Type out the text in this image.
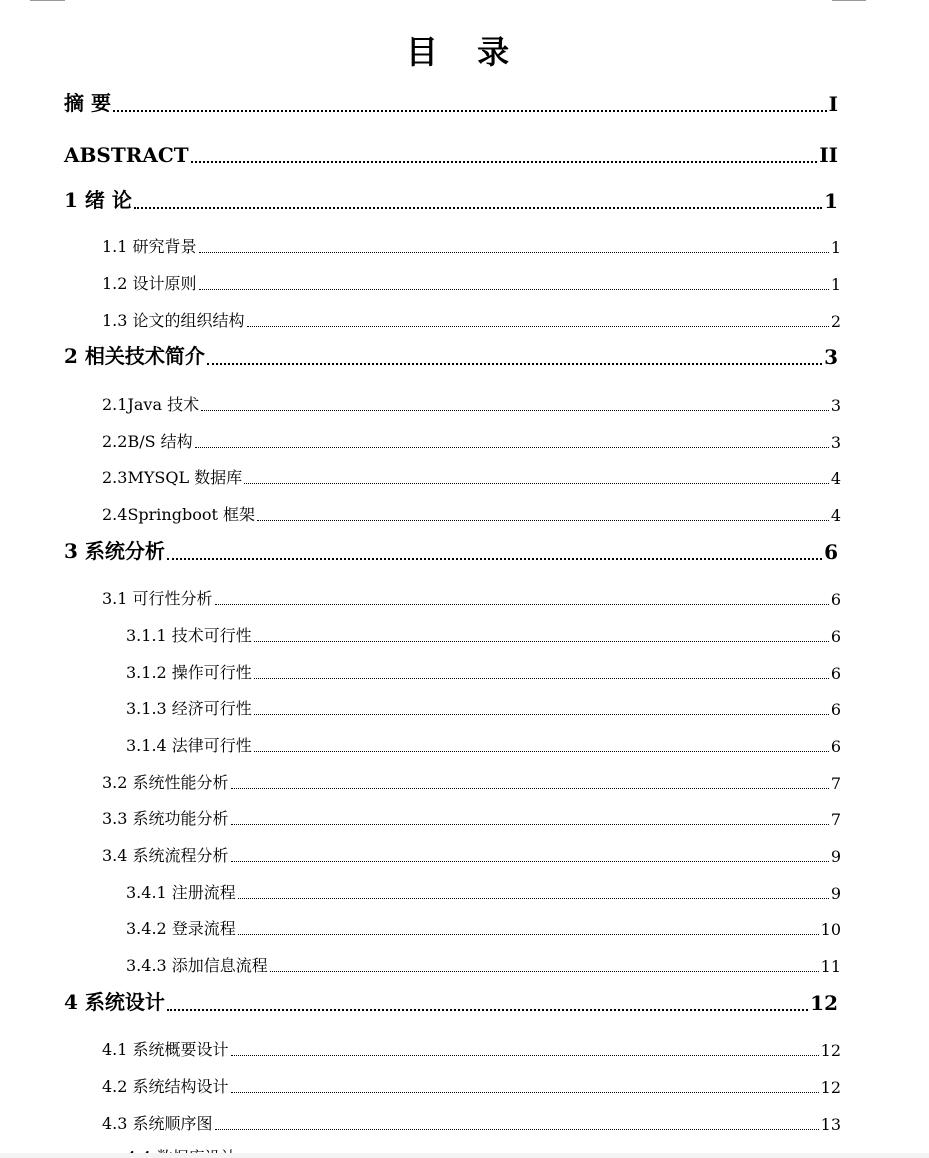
目 录
摘 要	I
ABSTRACT	II
1 绪 论	1
1.1 研究背景	1
1.2 设计原则	1
1.3 论文的组织结构	2
2 相关技术简介	3
2.1Java 技术	3
2.2B/S 结构	3
2.3MYSQL 数据库	4
2.4Springboot 框架	4
3 系统分析	6
3.1 可行性分析	6
3.1.1 技术可行性	6
3.1.2 操作可行性	6
3.1.3 经济可行性	6
3.1.4 法律可行性	6
3.2 系统性能分析	7
3.3 系统功能分析	7
3.4 系统流程分析	9
3.4.1 注册流程	9
3.4.2 登录流程	10
3.4.3 添加信息流程	11
4 系统设计	12
4.1 系统概要设计	12
4.2 系统结构设计	12
4.3 系统顺序图	13
